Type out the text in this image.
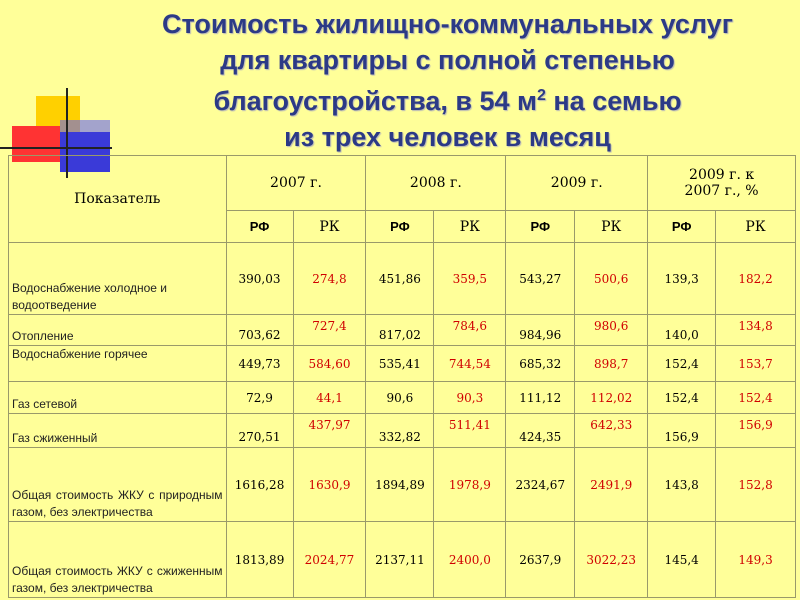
Стоимость жилищно-коммунальных услуг
для квартиры с полной степенью
благоустройства, в 54 $м^2$ на семью
из трех человек в месяц
Показатель	2007 г.		2008 г.		2009 г.		2009 г. к
2007 г., %	
	РФ	РК	РФ	РК	РФ	РК	РФ	РК
Водоснабжение холодное и водоотведение	390,03	274,8	451,86	359,5	543,27	500,6	139,3	182,2
Отопление	703,62	727,4	817,02	784,6	984,96	980,6	140,0	134,8
Водоснабжение горячее	449,73	584,60	535,41	744,54	685,32	898,7	152,4	153,7
Газ сетевой	72,9	44,1	90,6	90,3	111,12	112,02	152,4	152,4
Газ сжиженный	270,51	437,97	332,82	511,41	424,35	642,33	156,9	156,9
Общая стоимость ЖКУ с природным газом, без электричества	1616,28	1630,9	1894,89	1978,9	2324,67	2491,9	143,8	152,8
Общая стоимость ЖКУ с сжиженным газом, без электричества	1813,89	2024,77	2137,11	2400,0	2637,9	3022,23	145,4	149,3
